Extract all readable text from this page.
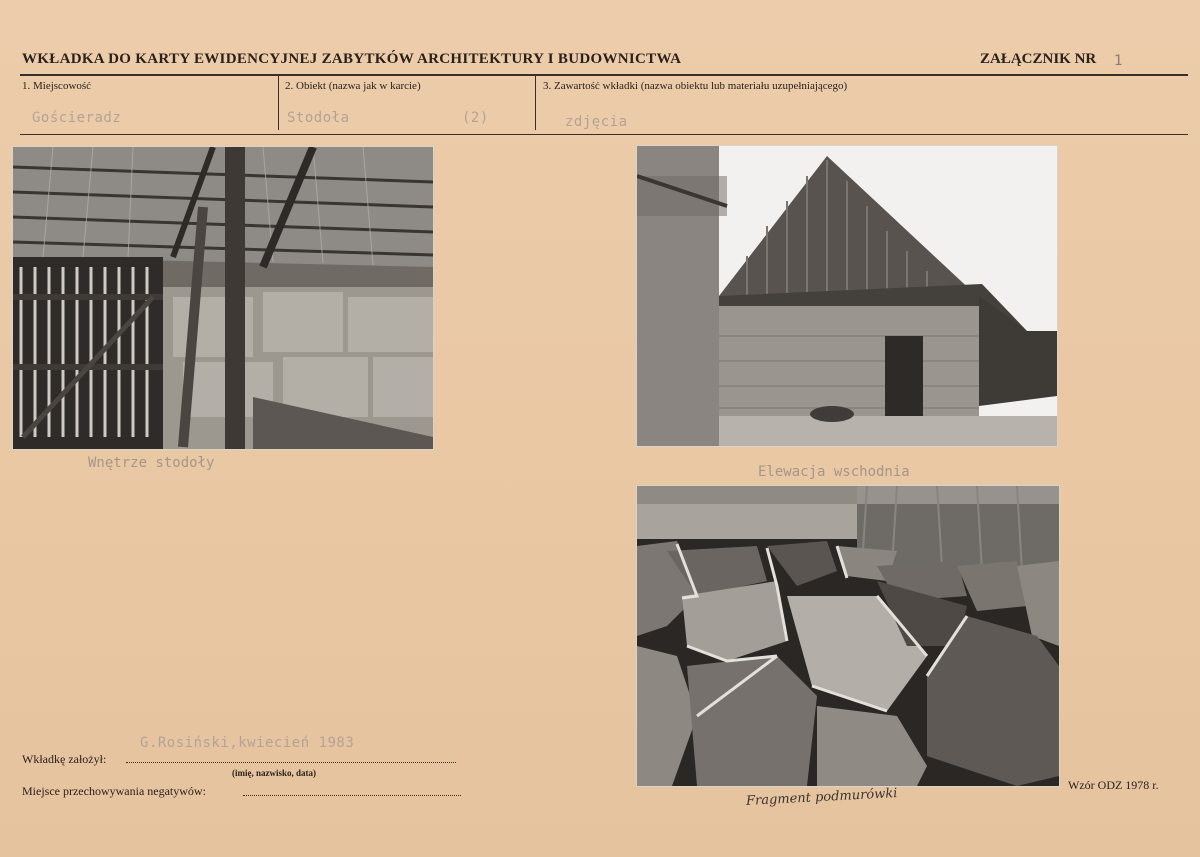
WKŁADKA DO KARTY EWIDENCYJNEJ ZABYTKÓW ARCHITEKTURY I BUDOWNICTWA	ZAŁĄCZNIK NR 1
1. Miejscowość
Gościeradz
2. Obiekt (nazwa jak w karcie)
Stodoła	(2)
3. Zawartość wkładki (nazwa obiektu lub materiału uzupełniającego)
zdjęcia
Wnętrze stodoły
Elewacja wschodnia
Fragment podmurówki
G.Rosiński,kwiecień 1983
Wkładkę założył:
(imię, nazwisko, data)
Miejsce przechowywania negatywów:	Wzór ODZ 1978 r.
